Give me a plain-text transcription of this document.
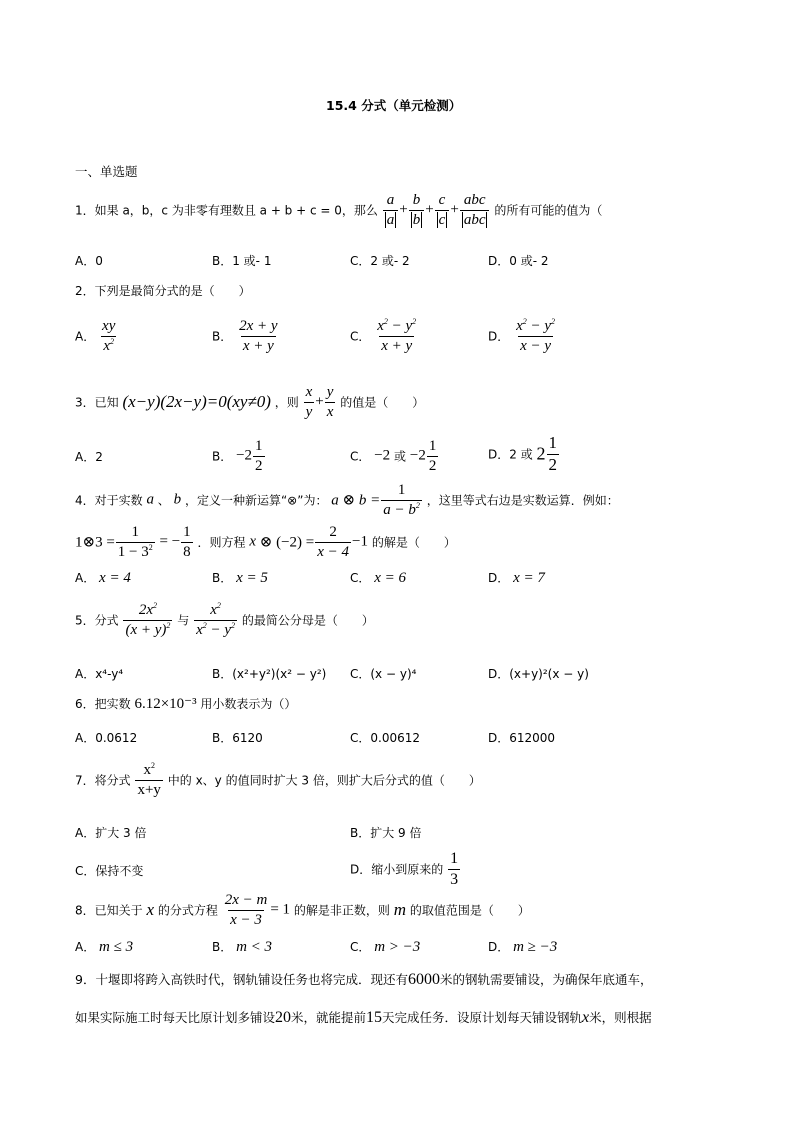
15.4 分式（单元检测）
一、单选题
1．如果 a，b，c 为非零有理数且 a + b + c = 0，那么 $\frac{a}{a} + \frac{b}{b} + \frac{c}{c} + \frac{\text{abc}}{\text{abc}}$ 的所有可能的值为（
A．0	B．1 或- 1	C．2 或- 2	D．0 或- 2
2．下列是最简分式的是（　　）
A． $\frac{xy}{x^2}$	B． $\frac{2x + y}{x + y}$	C． $\frac{x^2 - y^2}{x + y}$	D． $\frac{x^2 - y^2}{x - y}$
3．已知 (x−y)(2x−y)=0(xy≠0) ，则 $\frac{x}{y} + \frac{y}{x}$ 的值是（　　）
A．2	B． $-2 \frac{1}{2}$	C． −2 或 $-2 \frac{1}{2}$	D．2 或 $2 \frac{1}{2}$
4．对于实数 a 、 b ，定义一种新运算“⊗”为： a ⊗ $b = \frac{1}{a - b^2}$ ，这里等式右边是实数运算．例如：
1⊗3 = $\frac{1}{1 - 3^2}$ = − $\frac{1}{8}$ ．则方程 x ⊗ $(-2) = \frac{2}{x - 4} -1$ 的解是（　　）
A． x = 4	B． x = 5	C． x = 6	D． x = 7
5．分式 $\frac{2x^2}{(x + y)^2}$ 与 $\frac{x^2}{x^2 - y^2}$ 的最简公分母是（　　）
A．x⁴-y⁴	B．(x²+y²)(x² − y²) C．(x − y)⁴	D．(x+y)²(x − y)
6．把实数 6.12×10⁻³ 用小数表示为（）
A．0.0612	B．6120	C．0.00612	D．612000
7．将分式 $\frac{x^2}{x+y}$ 中的 x、y 的值同时扩大 3 倍，则扩大后分式的值（　　）
A．扩大 3 倍	B．扩大 9 倍
C．保持不变	D．缩小到原来的 $\frac{1}{3}$
8．已知关于 x 的分式方程 $\frac{2x - m}{x - 3} = 1$ 的解是非正数，则 m 的取值范围是（　　）
A． m ≤ 3	B． m < 3	C． m > −3	D． m ≥ −3
9．十堰即将跨入高铁时代，钢轨铺设任务也将完成．现还有6000米的钢轨需要铺设，为确保年底通车，
如果实际施工时每天比原计划多铺设20米，就能提前15天完成任务．设原计划每天铺设钢轨x米，则根据
